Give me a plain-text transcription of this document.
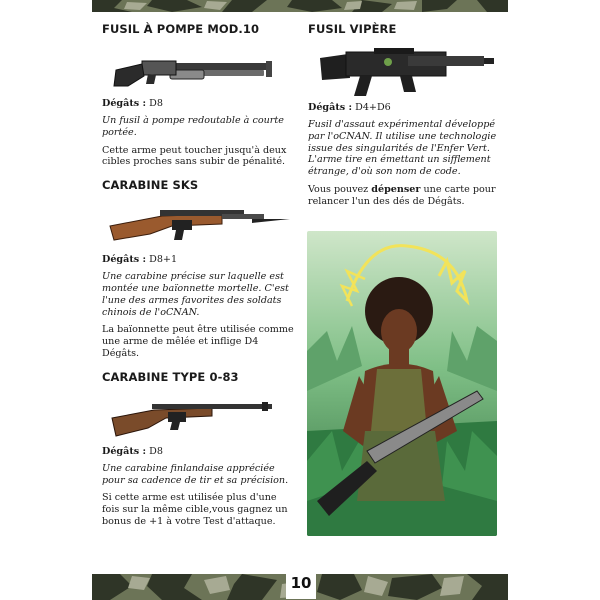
FUSIL À POMPE MOD.10

Dégâts : D8

Un fusil à pompe redoutable à courte portée.

Cette arme peut toucher jusqu'à deux cibles proches sans subir de pénalité.

CARABINE SKS

Dégâts : D8+1

Une carabine précise sur laquelle est montée une baïonnette mortelle. C'est l'une des armes favorites des soldats chinois de l'oCNAN.

La baïonnette peut être utilisée comme une arme de mêlée et inflige D4 Dégâts.

CARABINE TYPE 0-83

Dégâts : D8

Une carabine finlandaise appréciée pour sa cadence de tir et sa précision.

Si cette arme est utilisée plus d'une fois sur la même cible,vous gagnez un bonus de +1 à votre Test d'attaque.

FUSIL VIPÈRE

Dégâts : D4+D6

Fusil d'assaut expérimental développé par l'oCNAN. Il utilise une technologie issue des singularités de l'Enfer Vert. L'arme tire en émettant un sifflement étrange, d'où son nom de code.

Vous pouvez dépenser une carte pour relancer l'un des dés de Dégâts.

10
